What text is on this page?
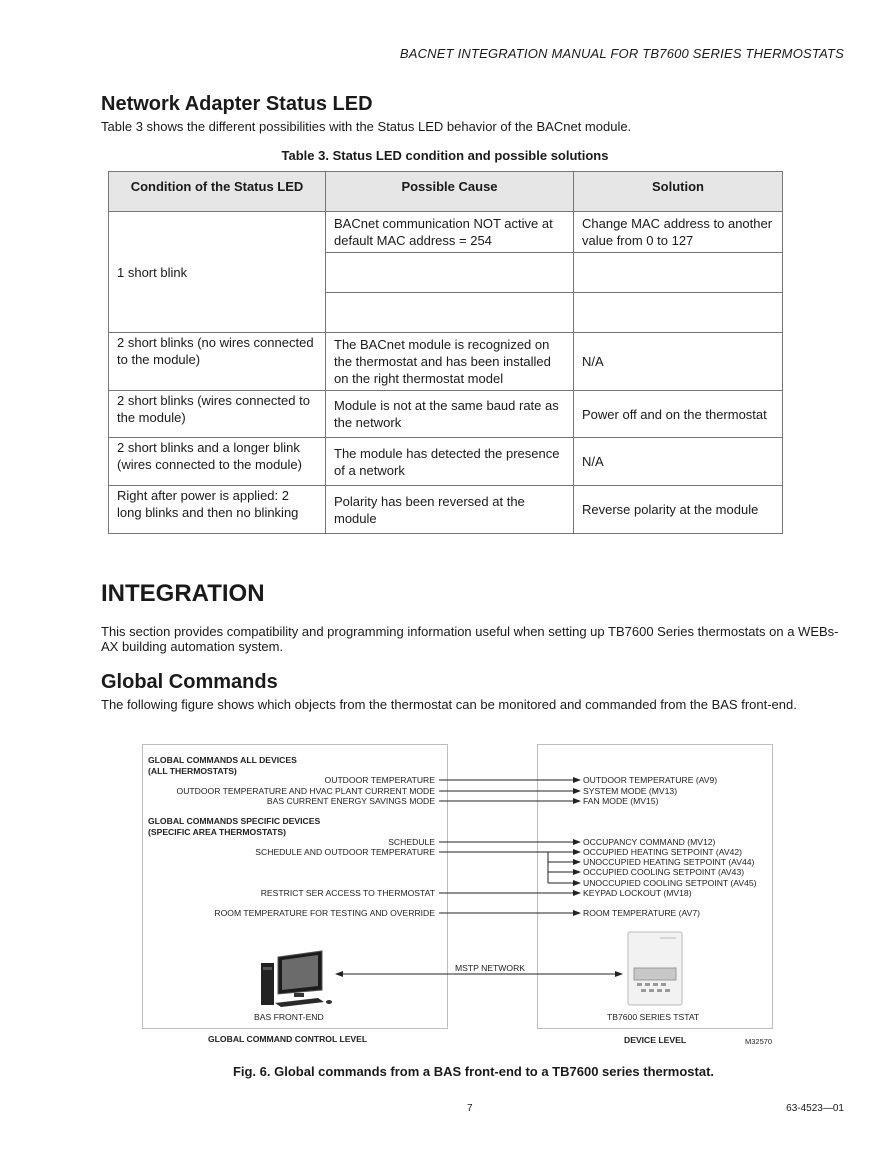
BACNET INTEGRATION MANUAL FOR TB7600 SERIES THERMOSTATS
Network Adapter Status LED
Table 3 shows the different possibilities with the Status LED behavior of the BACnet module.
Table 3. Status LED condition and possible solutions
Condition of the Status LED	Possible Cause	Solution
1 short blink	BACnet communication NOT active at default MAC address = 254	Change MAC address to another value from 0 to 127

2 short blinks (no wires connected to the module)	The BACnet module is recognized on the thermostat and has been installed on the right thermostat model	N/A
2 short blinks (wires connected to the module)	Module is not at the same baud rate as the network	Power off and on the thermostat
2 short blinks and a longer blink (wires connected to the module)	The module has detected the presence of a network	N/A
Right after power is applied: 2 long blinks and then no blinking	Polarity has been reversed at the module	Reverse polarity at the module
INTEGRATION
This section provides compatibility and programming information useful when setting up TB7600 Series thermostats on a WEBs-AX building automation system.
Global Commands
The following figure shows which objects from the thermostat can be monitored and commanded from the BAS front-end.
GLOBAL COMMANDS ALL DEVICES
(ALL THERMOSTATS)
GLOBAL COMMANDS SPECIFIC DEVICES
(SPECIFIC AREA THERMOSTATS)
OUTDOOR TEMPERATURE
OUTDOOR TEMPERATURE AND HVAC PLANT CURRENT MODE
BAS CURRENT ENERGY SAVINGS MODE
SCHEDULE
SCHEDULE AND OUTDOOR TEMPERATURE
RESTRICT SER ACCESS TO THERMOSTAT
ROOM TEMPERATURE FOR TESTING AND OVERRIDE
OUTDOOR TEMPERATURE (AV9)
SYSTEM MODE (MV13)
FAN MODE (MV15)
OCCUPANCY COMMAND (MV12)
OCCUPIED HEATING SETPOINT (AV42)
UNOCCUPIED HEATING SETPOINT (AV44)
OCCUPIED COOLING SETPOINT (AV43)
UNOCCUPIED COOLING SETPOINT (AV45)
KEYPAD LOCKOUT (MV18)
ROOM TEMPERATURE (AV7)
MSTP NETWORK
BAS FRONT-END	TB7600 SERIES TSTAT
GLOBAL COMMAND CONTROL LEVEL	DEVICE LEVEL	M32570
Fig. 6. Global commands from a BAS front-end to a TB7600 series thermostat.
7	63-4523—01
